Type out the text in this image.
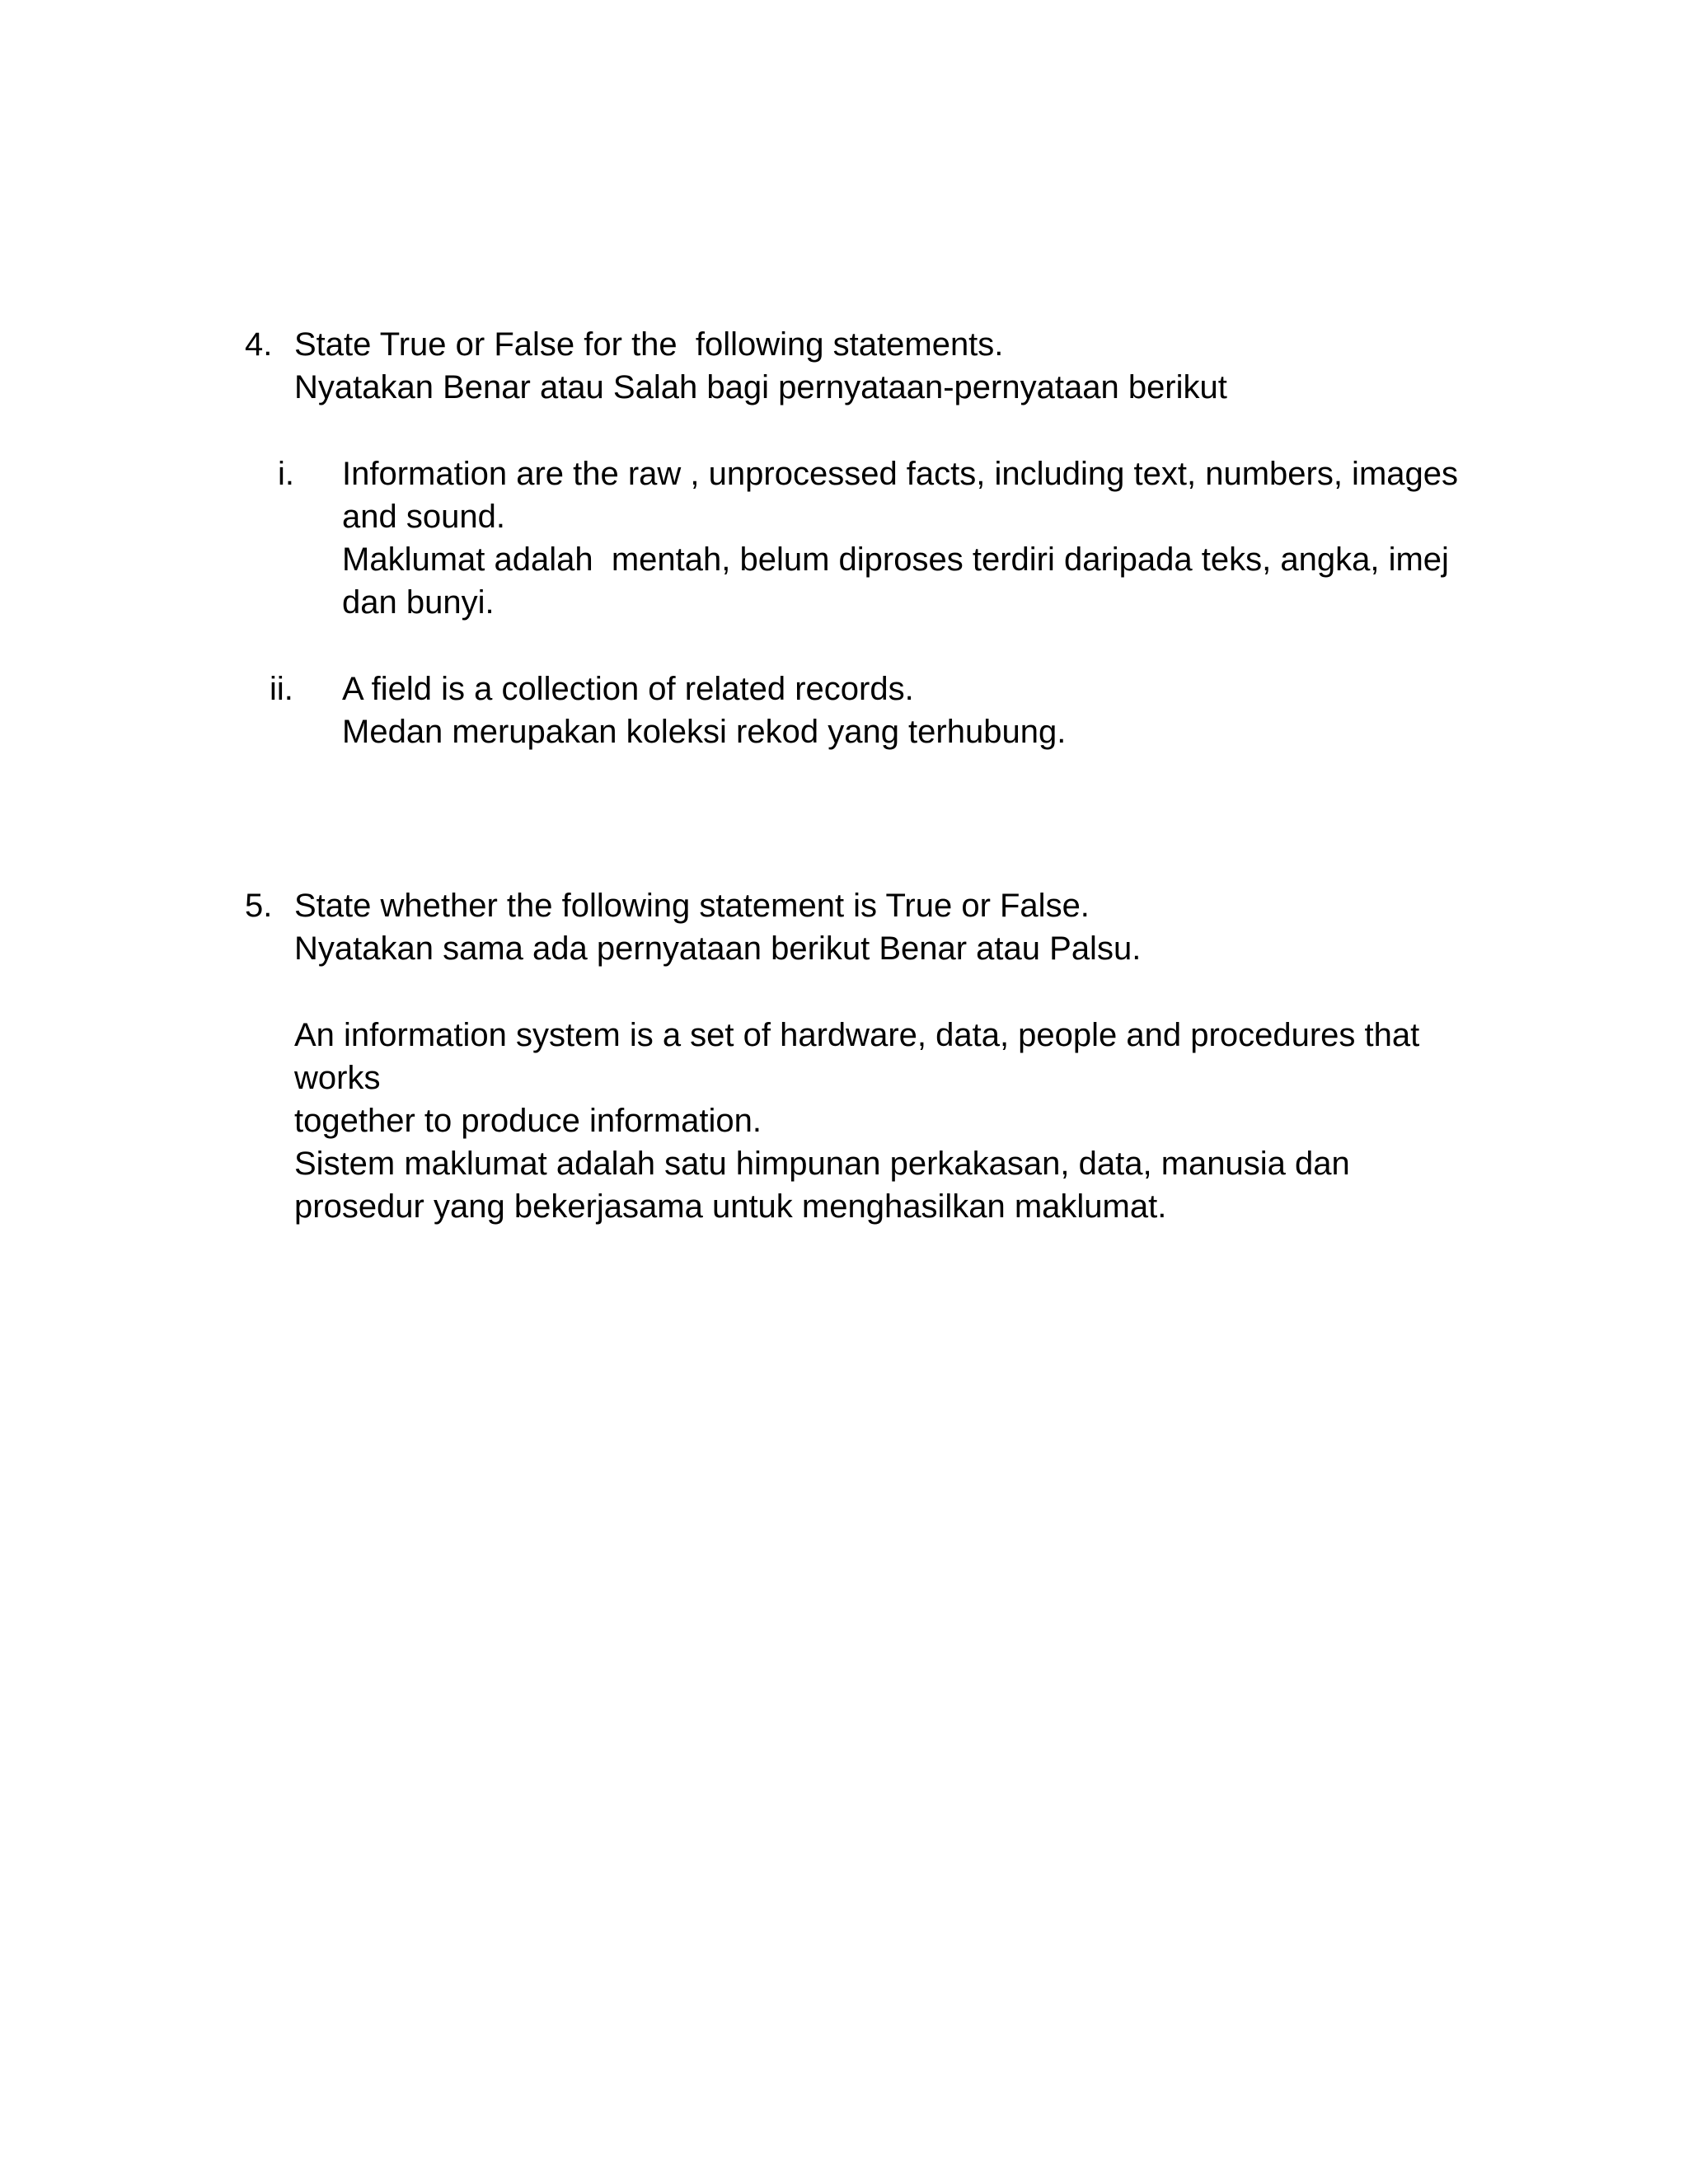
4. State True or False for the  following statements.
Nyatakan Benar atau Salah bagi pernyataan-pernyataan berikut
i. Information are the raw , unprocessed facts, including text, numbers, images
and sound.
Maklumat adalah  mentah, belum diproses terdiri daripada teks, angka, imej
dan bunyi.
ii. A field is a collection of related records.
Medan merupakan koleksi rekod yang terhubung.
5. State whether the following statement is True or False.
Nyatakan sama ada pernyataan berikut Benar atau Palsu.
An information system is a set of hardware, data, people and procedures that
works
together to produce information.
Sistem maklumat adalah satu himpunan perkakasan, data, manusia dan
prosedur yang bekerjasama untuk menghasilkan maklumat.
